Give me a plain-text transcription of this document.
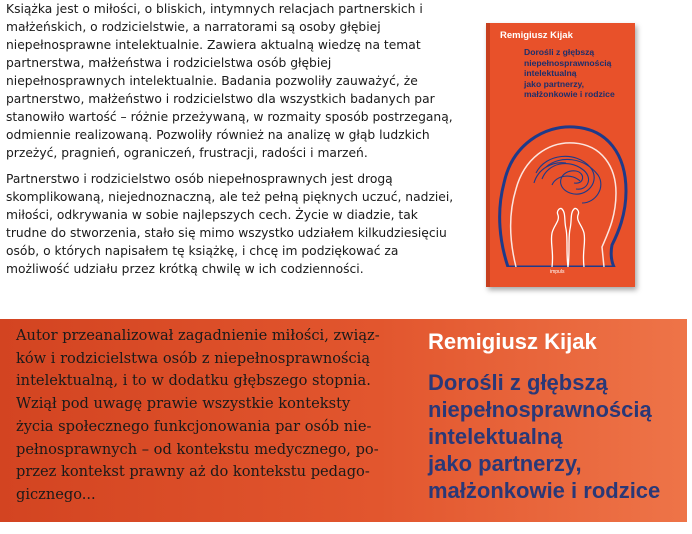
Książka jest o miłości, o bliskich, intymnych relacjach partnerskich i małżeńskich, o rodzicielstwie, a narratorami są osoby głębiej niepełnosprawne intelektualnie. Zawiera aktualną wiedzę na temat partnerstwa, małżeństwa i rodzicielstwa osób głębiej niepełnosprawnych intelektualnie. Badania pozwoliły zauważyć, że partnerstwo, małżeństwo i rodzicielstwo dla wszystkich badanych par stanowiło wartość – różnie przeżywaną, w rozmaity sposób postrzeganą, odmiennie realizowaną. Pozwoliły również na analizę w głąb ludzkich przeżyć, pragnień, ograniczeń, frustracji, radości i marzeń.

Partnerstwo i rodzicielstwo osób niepełnosprawnych jest drogą skomplikowaną, niejednoznaczną, ale też pełną pięknych uczuć, nadziei, miłości, odkrywania w sobie najlepszych cech. Życie w diadzie, tak trudne do stworzenia, stało się mimo wszystko udziałem kilkudziesięciu osób, o których napisałem tę książkę, i chcę im podziękować za możliwość udziału przez krótką chwilę w ich codzienności.

Remigiusz Kijak
Dorośli z głębszą
niepełnosprawnością
intelektualną
jako partnerzy,
małżonkowie i rodzice
impuls
Autor przeanalizował zagadnienie miłości, związ-
ków i rodzicielstwa osób z niepełnosprawnością
intelektualną, i to w dodatku głębszego stopnia.
Wziął pod uwagę prawie wszystkie konteksty
życia społecznego funkcjonowania par osób nie-
pełnosprawnych – od kontekstu medycznego, po-
przez kontekst prawny aż do kontekstu pedago-
gicznego...
Remigiusz Kijak
Dorośli z głębszą
niepełnosprawnością
intelektualną
jako partnerzy,
małżonkowie i rodzice
